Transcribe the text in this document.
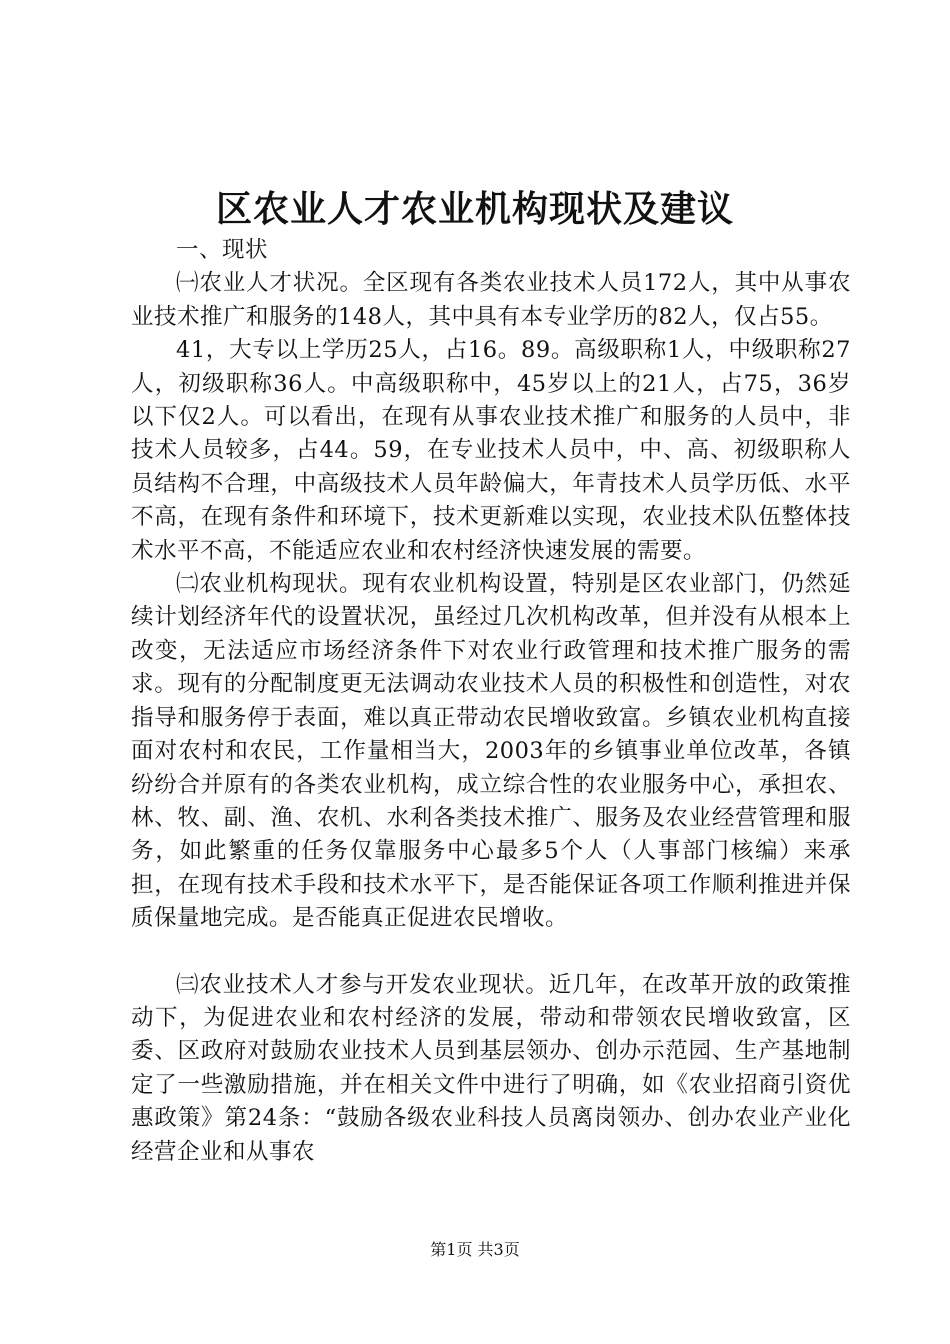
区农业人才农业机构现状及建议

一、现状

㈠农业人才状况。全区现有各类农业技术人员172人，其中从事农业技术推广和服务的148人，其中具有本专业学历的82人，仅占55。

41，大专以上学历25人，占16。89。高级职称1人，中级职称27人，初级职称36人。中高级职称中，45岁以上的21人，占75，36岁以下仅2人。可以看出，在现有从事农业技术推广和服务的人员中，非技术人员较多，占44。59，在专业技术人员中，中、高、初级职称人员结构不合理，中高级技术人员年龄偏大，年青技术人员学历低、水平不高，在现有条件和环境下，技术更新难以实现，农业技术队伍整体技术水平不高，不能适应农业和农村经济快速发展的需要。

㈡农业机构现状。现有农业机构设置，特别是区农业部门，仍然延续计划经济年代的设置状况，虽经过几次机构改革，但并没有从根本上改变，无法适应市场经济条件下对农业行政管理和技术推广服务的需求。现有的分配制度更无法调动农业技术人员的积极性和创造性，对农指导和服务停于表面，难以真正带动农民增收致富。乡镇农业机构直接面对农村和农民，工作量相当大，2003年的乡镇事业单位改革，各镇纷纷合并原有的各类农业机构，成立综合性的农业服务中心，承担农、林、牧、副、渔、农机、水利各类技术推广、服务及农业经营管理和服务，如此繁重的任务仅靠服务中心最多5个人（人事部门核编）来承担，在现有技术手段和技术水平下，是否能保证各项工作顺利推进并保质保量地完成。是否能真正促进农民增收。

㈢农业技术人才参与开发农业现状。近几年，在改革开放的政策推动下，为促进农业和农村经济的发展，带动和带领农民增收致富，区委、区政府对鼓励农业技术人员到基层领办、创办示范园、生产基地制定了一些激励措施，并在相关文件中进行了明确，如《农业招商引资优惠政策》第24条：“鼓励各级农业科技人员离岗领办、创办农业产业化经营企业和从事农

第1页 共3页
